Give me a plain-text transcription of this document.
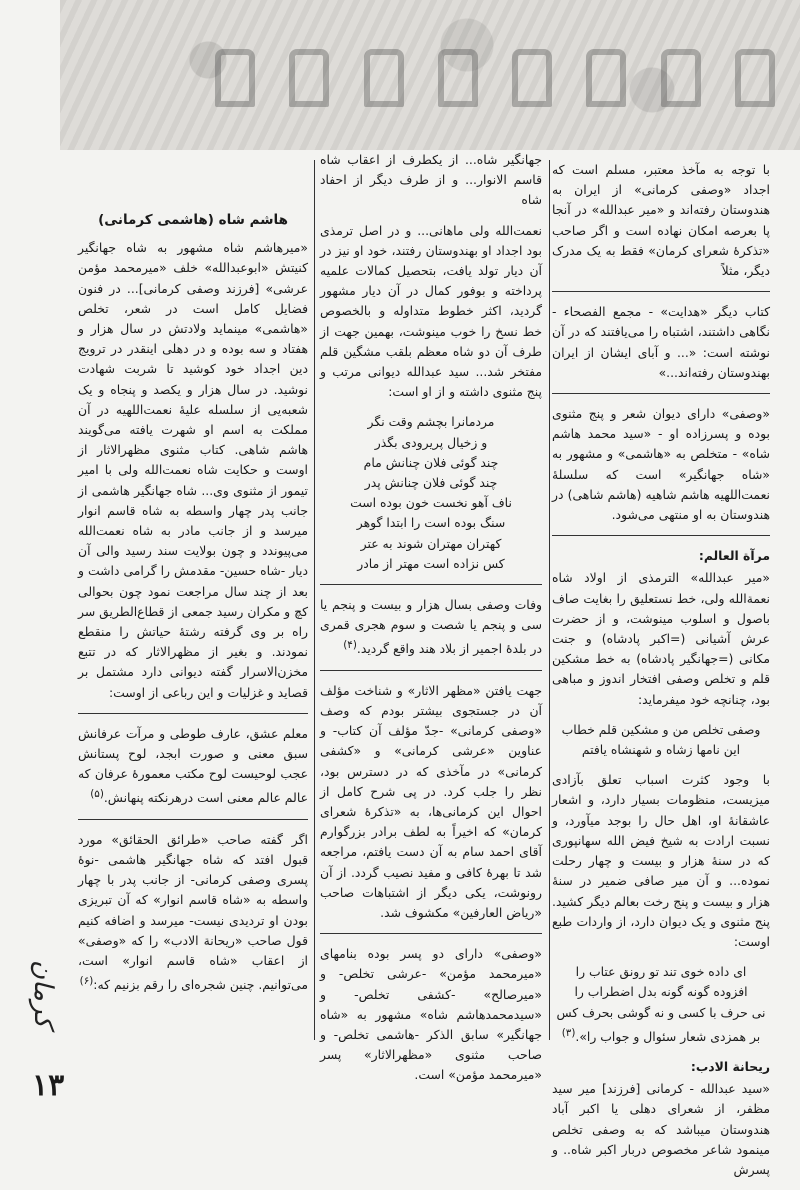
با توجه به مآخذ معتبر، مسلم است که اجداد «وصفی کرمانی» از ایران به هندوستان رفته‌اند و «میر عبدالله» در آنجا پا بعرصه امکان نهاده است و اگر صاحب «تذکرهٔ شعرای کرمان» فقط به یک مدرک دیگر، مثلاً

کتاب دیگر «هدایت» - مجمع الفصحاء - نگاهی داشتند، اشتباه را می‌یافتند که در آن نوشته است: «... و آبای ایشان از ایران بهندوستان رفته‌اند...»

«وصفی» دارای دیوان شعر و پنج مثنوی بوده و پسرزاده او - «سید محمد هاشم شاه» - متخلص به «هاشمی» و مشهور به «شاه جهانگیر» است که سلسلهٔ نعمت‌اللهیه هاشم شاهیه (هاشم شاهی) در هندوستان به او منتهی می‌شود.

مرآة العالم:

«میر عبدالله» الترمذی از اولاد شاه نعمة‌الله ولی، خط نستعلیق را بغایت صاف باصول و اسلوب مینوشت، و از حضرت عرش آشیانی (=اکبر پادشاه) و جنت مکانی (=جهانگیر پادشاه) به خط مشکین قلم و تخلص وصفی افتخار اندوز و مباهی بود، چنانچه خود میفرماید:

وصفی تخلص من و مشکین قلم خطاب
این نامها زشاه و شهنشاه یافتم

با وجود کثرت اسباب تعلق بآزادی میزیست، منظومات بسیار دارد، و اشعار عاشقانهٔ او، اهل حال را بوجد میآورد، و نسبت ارادت به شیخ فیض الله سهانپوری که در سنهٔ هزار و بیست و چهار رحلت نموده... و آن میر صافی ضمیر در سنهٔ هزار و بیست و پنج رخت بعالم دیگر کشید. پنج مثنوی و یک دیوان دارد، از واردات طبع اوست:

ای داده خوی تند تو رونق عتاب را
افزوده گونه گونه بدل اضطراب را
نی حرف با کسی و نه گوشی بحرف کس
بر همزدی شعار سئوال و جواب را».$^{(۳)}$

ریحانة الادب:

«سید عبدالله - کرمانی [فرزند] میر سید مظفر، از شعرای دهلی یا اکبر آباد هندوستان میباشد که به وصفی تخلص مینمود شاعر مخصوص دربار اکبر شاه.. و پسرش

جهانگیر شاه... از یکطرف از اعقاب شاه قاسم الانوار... و از طرف دیگر از احفاد شاه

نعمت‌الله ولی ماهانی... و در اصل ترمذی بود اجداد او بهندوستان رفتند، خود او نیز در آن دیار تولد یافت، بتحصیل کمالات علمیه پرداخته و بوفور کمال در آن دیار مشهور گردید، اکثر خطوط متداوله و بالخصوص خط نسخ را خوب مینوشت، بهمین جهت از طرف آن دو شاه معظم بلقب مشگین قلم مفتخر شد... سید عبدالله دیوانی مرتب و پنج مثنوی داشته و از او است:

مردمانرا بچشم وقت نگر
و زخیال پریرودی بگذر
چند گوئی فلان چنانش مام
چند گوئی فلان چنانش پدر
ناف آهو نخست خون بوده است
سنگ بوده است را ابتدا گوهر
کهتران مهتران شوند به عتر
کس نزاده است مهتر از مادر

وفات وصفی بسال هزار و بیست و پنجم یا سی و پنجم یا شصت و سوم هجری قمری در بلدهٔ اجمیر از بلاد هند واقع گردید.$^{(۴)}$

جهت یافتن «مظهر الاثار» و شناخت مؤلف آن در جستجوی بیشتر بودم که وصف «وصفی کرمانی» -جدّ مؤلف آن کتاب- و عناوین «عرشی کرمانی» و «کشفی کرمانی» در مآخذی که در دسترس بود، نظر را جلب کرد. در پی شرح کامل از احوال این کرمانی‌ها، به «تذکرهٔ شعرای کرمان» که اخیراً به لطف برادر بزرگوارم آقای احمد سام به آن دست یافتم، مراجعه شد تا بهرهٔ کافی و مفید نصیب گردد. از آن رونوشت، یکی دیگر از اشتباهات صاحب «ریاض العارفین» مکشوف شد.

«وصفی» دارای دو پسر بوده بنامهای «میرمحمد مؤمن» -عرشی تخلص- و «میرصالح» -کشفی تخلص- و «سیدمحمدهاشم شاه» مشهور به «شاه جهانگیر» سابق الذکر -هاشمی تخلص- و صاحب مثنوی «مظهرالاثار» پسر «میرمحمد مؤمن» است.

هاشم شاه (هاشمی کرمانی)

«میرهاشم شاه مشهور به شاه جهانگیر کنیتش «ابوعبدالله» خلف «میرمحمد مؤمن عرشی» [فرزند وصفی کرمانی]... در فنون فضایل کامل است در شعر، تخلص «هاشمی» مینماید ولادتش در سال هزار و هفتاد و سه بوده و در دهلی اینقدر در ترویج دین اجداد خود کوشید تا شربت شهادت نوشید. در سال هزار و یکصد و پنجاه و یک شعبه‌یی از سلسله علیهٔ نعمت‌اللهیه در آن مملکت به اسم او شهرت یافته می‌گویند هاشم شاهی. کتاب مثنوی مظهرالاثار از اوست و حکایت شاه نعمت‌الله ولی با امیر تیمور از مثنوی وی... شاه جهانگیر هاشمی از جانب پدر چهار واسطه به شاه قاسم انوار میرسد و از جانب مادر به شاه نعمت‌الله می‌پیوندد و چون بولایت سند رسید والی آن دیار -شاه حسین- مقدمش را گرامی داشت و بعد از چند سال مراجعت نمود چون بحوالی کچ و مکران رسید جمعی از قطاع‌الطریق سر راه بر وی گرفته رشتهٔ حیاتش را منقطع نمودند. و بغیر از مظهرالاثار که در تتبع مخزن‌الاسرار گفته دیوانی دارد مشتمل بر قصاید و غزلیات و این رباعی از اوست:

معلم عشق، عارف طوطی و مرآت عرفانش سبق معنی و صورت ابجد، لوح پستانش عجب لوحیست لوح مکتب معمورهٔ عرفان که عالم عالم معنی است درهرنکته پنهانش.$^{(۵)}$

اگر گفته صاحب «طرائق الحقائق» مورد قبول افتد که شاه جهانگیر هاشمی -نوهٔ پسری وصفی کرمانی- از جانب پدر با چهار واسطه به «شاه قاسم انوار» که آن تبریزی بودن او تردیدی نیست- میرسد و اضافه کنیم قول صاحب «ریحانة الادب» را که «وصفی» از اعقاب «شاه قاسم انوار» است، می‌توانیم. چنین شجره‌ای را رقم بزنیم که:$^{(۶)}$

کرمان
۱۳
